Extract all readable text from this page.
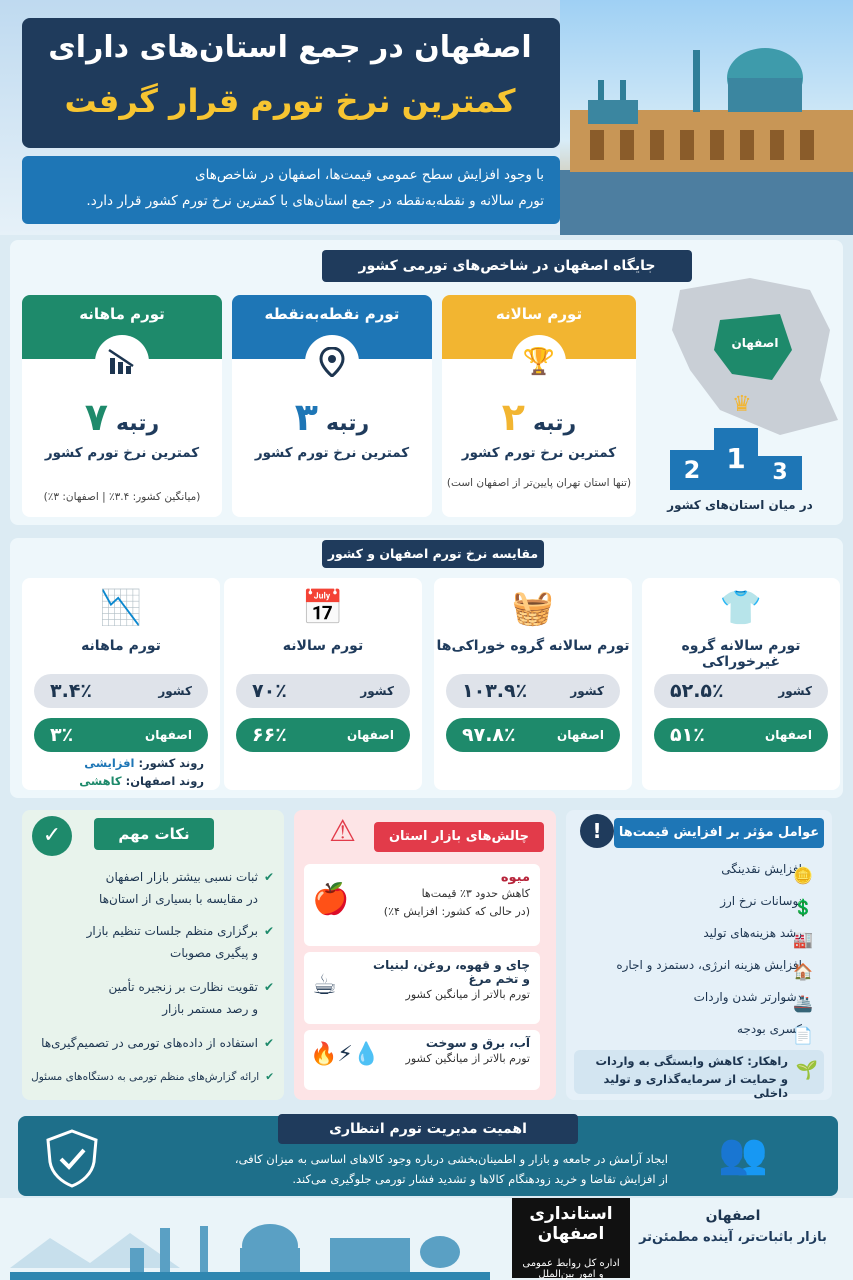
اصفهان در جمع استان‌های دارای
کمترین نرخ تورم قرار گرفت
با وجود افزایش سطح عمومی قیمت‌ها، اصفهان در شاخص‌های
تورم سالانه و نقطه‌به‌نقطه در جمع استان‌های با کمترین نرخ تورم کشور قرار دارد.
جایگاه اصفهان در شاخص‌های تورمی کشور
اصفهان
♛
2 1	3
در میان استان‌های کشور
تورم سالانه
🏆
رتبه۲
کمترین نرخ تورم کشور
(تنها استان تهران پایین‌تر از اصفهان است)
تورم نقطه‌به‌نقطه
رتبه۳
کمترین نرخ تورم کشور
تورم ماهانه
رتبه۷
کمترین نرخ تورم کشور
(میانگین کشور: ۳.۴٪ | اصفهان: ۳٪)
مقایسه نرخ تورم اصفهان و کشور
👕
تورم سالانه گروه غیرخوراکی
کشور
۵۲.۵٪
اصفهان
۵۱٪
🧺
تورم سالانه گروه خوراکی‌ها
کشور
۱۰۳.۹٪
اصفهان
۹۷.۸٪
📅
تورم سالانه
کشور
۷۰٪
اصفهان
۶۶٪
📉
تورم ماهانه
کشور
۳.۴٪
اصفهان
۳٪
روند کشور: افزایشی
روند اصفهان: کاهشی
عوامل مؤثر بر افزایش قیمت‌ها
!
افزایش نقدینگی
نوسانات نرخ ارز
رشد هزینه‌های تولید
افزایش هزینه انرژی، دستمزد و اجاره
دشوارتر شدن واردات
کسری بودجه
🪙
💲
🏭
🏠
🚢
📄
راهکار: کاهش وابستگی به واردات
و حمایت از سرمایه‌گذاری و تولید داخلی
🌱
چالش‌های بازار استان
⚠
میوه
کاهش حدود ۳٪ قیمت‌ها
(در حالی که کشور: افزایش ۴٪)
🍎
چای و قهوه، روغن، لبنیات
و تخم مرغ
تورم بالاتر از میانگین کشور
☕
آب، برق و سوخت
تورم بالاتر از میانگین کشور
💧⚡🔥
نکات مهم
✓
✔ثبات نسبی بیشتر بازار اصفهان
در مقایسه با بسیاری از استان‌ها
✔برگزاری منظم جلسات تنظیم بازار
و پیگیری مصوبات
✔تقویت نظارت بر زنجیره تأمین
و رصد مستمر بازار
✔استفاده از داده‌های تورمی در تصمیم‌گیری‌ها
✔ارائه گزارش‌های منظم تورمی به دستگاه‌های مسئول
اهمیت مدیریت تورم انتظاری
ایجاد آرامش در جامعه و بازار و اطمینان‌بخشی درباره وجود کالاهای اساسی به میزان کافی،
از افزایش تقاضا و خرید زودهنگام کالاها و تشدید فشار تورمی جلوگیری می‌کند.
👥
استانداری اصفهان
اداره کل روابط عمومی
و امور بین‌الملل
اصفهان
بازار باثبات‌تر، آینده مطمئن‌تر
